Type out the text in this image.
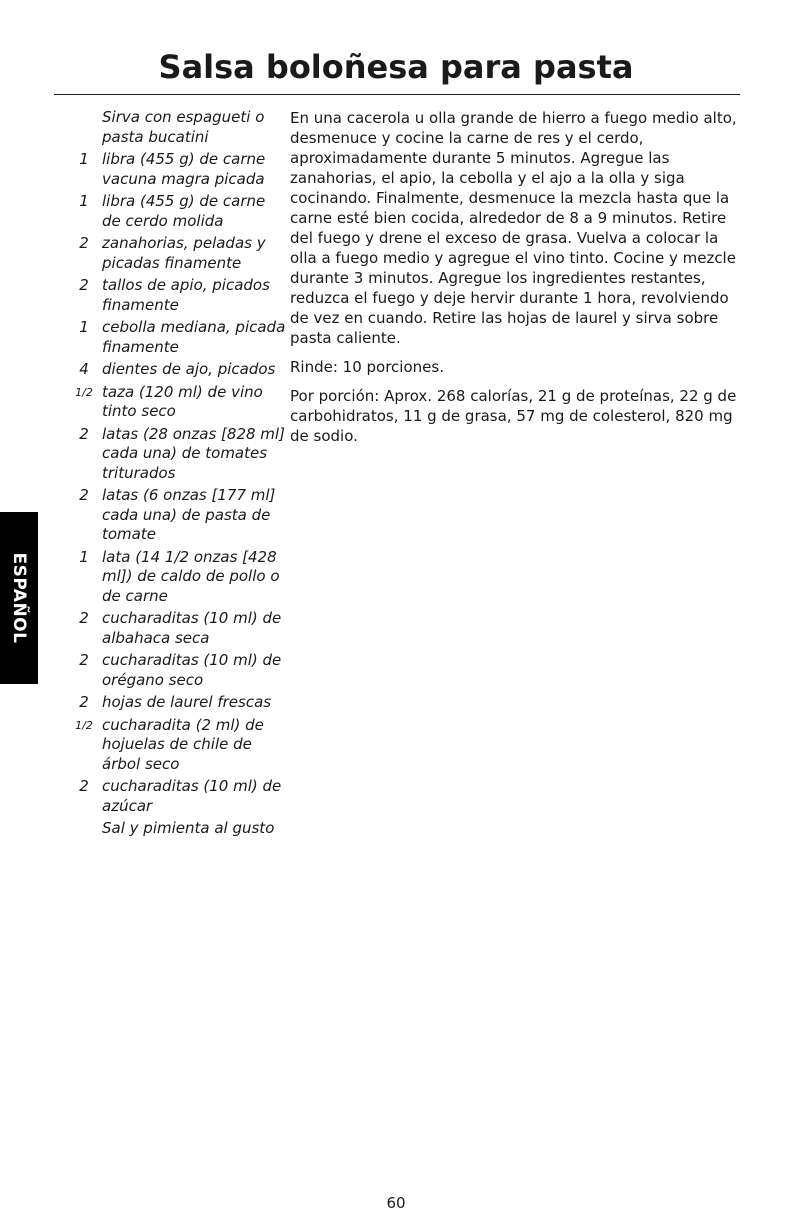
Salsa boloñesa para pasta
ESPAÑOL
Sirva con espagueti o pasta bucatini
1 libra (455 g) de carne vacuna magra picada
1 libra (455 g) de carne de cerdo molida
2 zanahorias, peladas y picadas finamente
2 tallos de apio, picados finamente
1 cebolla mediana, picada finamente
4 dientes de ajo, picados
1/2 taza (120 ml) de vino tinto seco
2 latas (28 onzas [828 ml] cada una) de tomates triturados
2 latas (6 onzas [177 ml] cada una) de pasta de tomate
1 lata (14 1/2 onzas [428 ml]) de caldo de pollo o de carne
2 cucharaditas (10 ml) de albahaca seca
2 cucharaditas (10 ml) de orégano seco
2 hojas de laurel frescas
1/2 cucharadita (2 ml) de hojuelas de chile de árbol seco
2 cucharaditas (10 ml) de azúcar
Sal y pimienta al gusto

En una cacerola u olla grande de hierro a fuego medio alto, desmenuce y cocine la carne de res y el cerdo, aproximadamente durante 5 minutos. Agregue las zanahorias, el apio, la cebolla y el ajo a la olla y siga cocinando. Finalmente, desmenuce la mezcla hasta que la carne esté bien cocida, alrededor de 8 a 9 minutos. Retire del fuego y drene el exceso de grasa. Vuelva a colocar la olla a fuego medio y agregue el vino tinto. Cocine y mezcle durante 3 minutos. Agregue los ingredientes restantes, reduzca el fuego y deje hervir durante 1 hora, revolviendo de vez en cuando. Retire las hojas de laurel y sirva sobre pasta caliente.

Rinde: 10 porciones.

Por porción: Aprox. 268 calorías, 21 g de proteínas, 22 g de carbohidratos, 11 g de grasa, 57 mg de colesterol, 820 mg de sodio.

60
